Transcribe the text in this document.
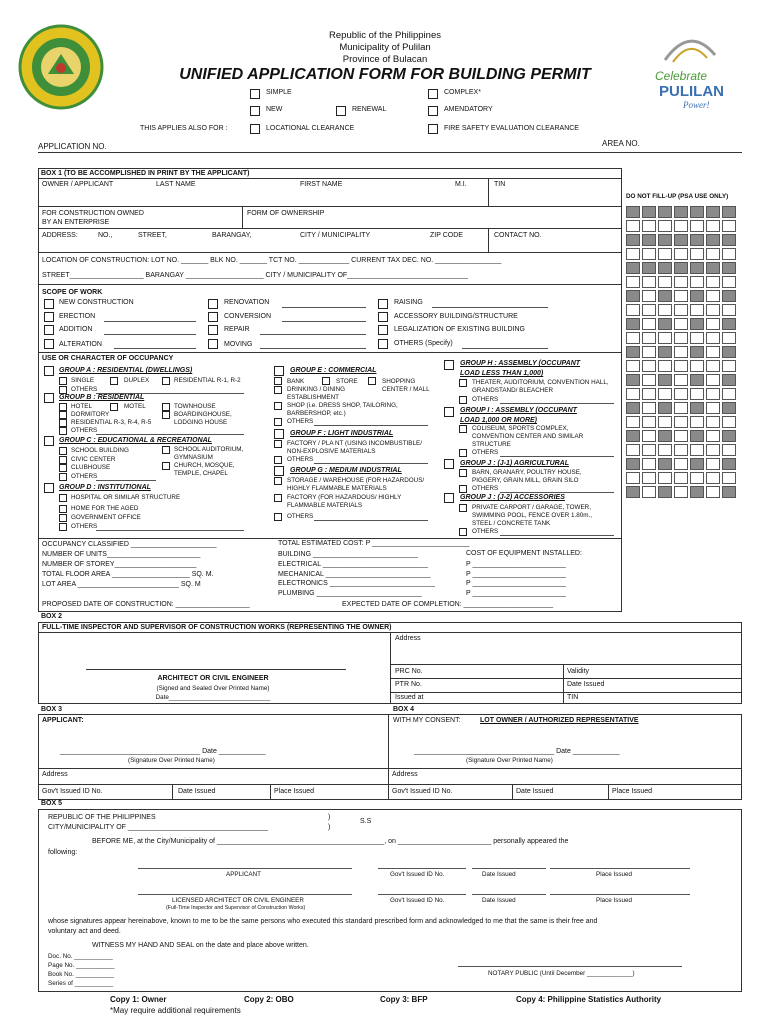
Republic of the Philippines
Municipality of Pulilan
Province of Bulacan
UNIFIED APPLICATION FORM FOR BUILDING PERMIT	Celebrate
PULILAN
Power!
SIMPLE	COMPLEX*
NEW	RENEWAL	AMENDATORY
THIS APPLIES ALSO FOR :	LOCATIONAL CLEARANCE	FIRE SAFETY EVALUATION CLEARANCE
AREA NO.
APPLICATION NO.
BOX 1 (TO BE ACCOMPLISHED IN PRINT BY THE APPLICANT)
OWNER / APPLICANT	LAST NAME	FIRST NAME	M.I.	TIN
DO NOT FILL-UP (PSA USE ONLY)
FOR CONSTRUCTION OWNED
BY AN ENTERPRISE
FORM OF OWNERSHIP
ADDRESS:	NO.,	STREET,	BARANGAY,	CITY / MUNICIPALITY	ZIP CODE	CONTACT NO.
LOCATION OF CONSTRUCTION: LOT NO. _______ BLK NO. _______ TCT NO. _____________ CURRENT TAX DEC. NO. _________________
STREET___________________ BARANGAY ____________________ CITY / MUNICIPALITY OF_______________________________
SCOPE OF WORK
NEW CONSTRUCTION
ERECTION
ADDITION
ALTERATION
RENOVATION
CONVERSION
REPAIR
MOVING
RAISING
ACCESSORY BUILDING/STRUCTURE
LEGALIZATION OF EXISTING BUILDING
OTHERS (Specify)
USE OR CHARACTER OF OCCUPANCY
GROUP A : RESIDENTIAL (DWELLINGS)
SINGLE	DUPLEX	RESIDENTIAL R-1, R-2
OTHERS
GROUP B : RESIDENTIAL
HOTEL	MOTEL	TOWNHOUSE
DORMITORY	BOARDINGHOUSE,
RESIDENTIAL R-3, R-4, R-5	LODGING HOUSE
OTHERS
GROUP C : EDUCATIONAL & RECREATIONAL
SCHOOL BUILDING	SCHOOL AUDITORIUM,
GYMNASIUM
CIVIC CENTER
CHURCH, MOSQUE,
TEMPLE, CHAPEL
CLUBHOUSE
OTHERS
GROUP D : INSTITUTIONAL
HOSPITAL OR SIMILAR STRUCTURE
HOME FOR THE AGED
GOVERNMENT OFFICE
OTHERS
GROUP E : COMMERCIAL
BANK	STORE	SHOPPING
CENTER / MALL
DRINKING / DINING
ESTABLISHMENT
SHOP (i.e. DRESS SHOP, TAILORING,
BARBERSHOP, etc.)
OTHERS
GROUP F : LIGHT INDUSTRIAL
FACTORY / PLA NT (USING INCOMBUSTIBLE/
NON-EXPLOSIVE MATERIALS
OTHERS
GROUP G : MEDIUM INDUSTRIAL
STORAGE / WAREHOUSE (FOR HAZARDOUS/
HIGHLY FLAMMABLE MATERIALS
FACTORY (FOR HAZARDOUS/ HIGHLY
FLAMMABLE MATERIALS
OTHERS
GROUP H : ASSEMBLY (OCCUPANT
LOAD LESS THAN 1,000)
THEATER, AUDITORIUM, CONVENTION HALL,
GRANDSTAND/ BLEACHER
OTHERS
GROUP I : ASSEMBLY (OCCUPANT
LOAD 1,000 OR MORE)
COLISEUM, SPORTS COMPLEX,
CONVENTION CENTER AND SIMILAR
STRUCTURE
OTHERS
GROUP J : (J-1) AGRICULTURAL
BARN, GRANARY, POULTRY HOUSE,
PIGGERY, GRAIN MILL, GRAIN SILO
OTHERS
GROUP J : (J-2) ACCESSORIES
PRIVATE CARPORT / GARAGE, TOWER,
SWIMMING POOL, FENCE OVER 1.80m.,
STEEL / CONCRETE TANK
OTHERS
OCCUPANCY CLASSIFIED ______________________
NUMBER OF UNITS________________________
NUMBER OF STOREY_____________________
TOTAL FLOOR AREA ____________________ SQ. M.
LOT AREA __________________________ SQ. M
TOTAL ESTIMATED COST: P _________________________
BUILDING ___________________________
ELECTRICAL ___________________________
MECHANICAL ___________________________
ELECTRONICS ___________________________
PLUMBING ___________________________
COST OF EQUIPMENT INSTALLED:
P ________________________
P ________________________
P ________________________
P ________________________
PROPOSED DATE OF CONSTRUCTION: ___________________	EXPECTED DATE OF COMPLETION: _______________________
BOX 2
FULL-TIME INSPECTOR AND SUPERVISOR OF CONSTRUCTION WORKS (REPRESENTING THE OWNER)
Address
PRC No.	Validity
PTR No.	Date Issued
Issued at	TIN
ARCHITECT OR CIVIL ENGINEER
(Signed and Sealed Over Printed Name)
Date_____________________________
BOX 3	BOX 4
APPLICANT:
____________________________________ Date ____________
(Signature Over Printed Name)
Address
Gov't Issued ID No.	Date Issued	Place Issued
WITH MY CONSENT:	LOT OWNER / AUTHORIZED REPRESENTATIVE
____________________________________ Date ____________
(Signature Over Printed Name)
Address
Gov't Issued ID No.	Date Issued	Place Issued
BOX 5
REPUBLIC OF THE PHILIPPINES
CITY/MUNICIPALITY OF ____________________________________
)
)
S.S
BEFORE ME, at the City/Municipality of ___________________________________________, on ________________________ personally appeared the
following:
APPLICANT	Gov't Issued ID No.	Date Issued	Place Issued
LICENSED ARCHITECT OR CIVIL ENGINEER
(Full-Time Inspector and Supervisor of Construction Works)
Gov't Issued ID No.	Date Issued	Place Issued
whose signatures appear hereinabove, known to me to be the same persons who executed this standard prescribed form and acknowledged to me that the same is their free and
voluntary act and deed.
WITNESS MY HAND AND SEAL on the date and place above written.
Doc. No. ___________
Page No. ___________
Book No. ___________
Series of ___________
NOTARY PUBLIC (Until December _____________)
Copy 1: Owner	Copy 2: OBO	Copy 3: BFP	Copy 4: Philippine Statistics Authority
*May require additional requirements
